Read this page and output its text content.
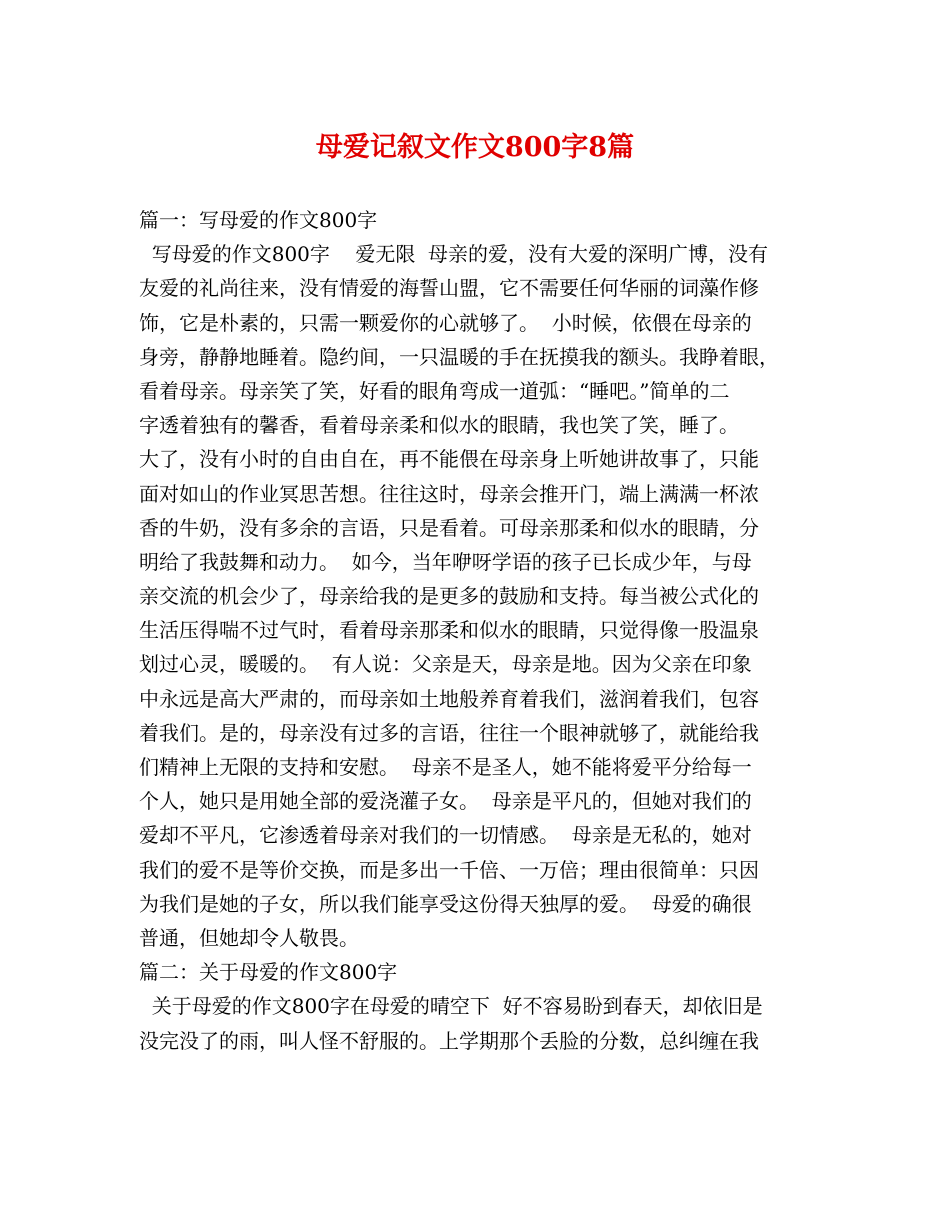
母爱记叙文作文800字8篇
篇一：写母爱的作文800字
写母爱的作文800字    爱无限  母亲的爱，没有大爱的深明广博，没有
友爱的礼尚往来，没有情爱的海誓山盟，它不需要任何华丽的词藻作修
饰，它是朴素的，只需一颗爱你的心就够了。  小时候，依偎在母亲的
身旁，静静地睡着。隐约间，一只温暖的手在抚摸我的额头。我睁着眼，
看着母亲。母亲笑了笑，好看的眼角弯成一道弧：“睡吧。”简单的二
字透着独有的馨香，看着母亲柔和似水的眼睛，我也笑了笑，睡了。
大了，没有小时的自由自在，再不能偎在母亲身上听她讲故事了，只能
面对如山的作业冥思苦想。往往这时，母亲会推开门，端上满满一杯浓
香的牛奶，没有多余的言语，只是看着。可母亲那柔和似水的眼睛，分
明给了我鼓舞和动力。  如今，当年咿呀学语的孩子已长成少年，与母
亲交流的机会少了，母亲给我的是更多的鼓励和支持。每当被公式化的
生活压得喘不过气时，看着母亲那柔和似水的眼睛，只觉得像一股温泉
划过心灵，暖暖的。  有人说：父亲是天，母亲是地。因为父亲在印象
中永远是高大严肃的，而母亲如土地般养育着我们，滋润着我们，包容
着我们。是的，母亲没有过多的言语，往往一个眼神就够了，就能给我
们精神上无限的支持和安慰。  母亲不是圣人，她不能将爱平分给每一
个人，她只是用她全部的爱浇灌子女。  母亲是平凡的，但她对我们的
爱却不平凡，它渗透着母亲对我们的一切情感。  母亲是无私的，她对
我们的爱不是等价交换，而是多出一千倍、一万倍；理由很简单：只因
为我们是她的子女，所以我们能享受这份得天独厚的爱。  母爱的确很
普通，但她却令人敬畏。
篇二：关于母爱的作文800字
关于母爱的作文800字在母爱的晴空下  好不容易盼到春天，却依旧是
没完没了的雨，叫人怪不舒服的。上学期那个丢脸的分数，总纠缠在我
